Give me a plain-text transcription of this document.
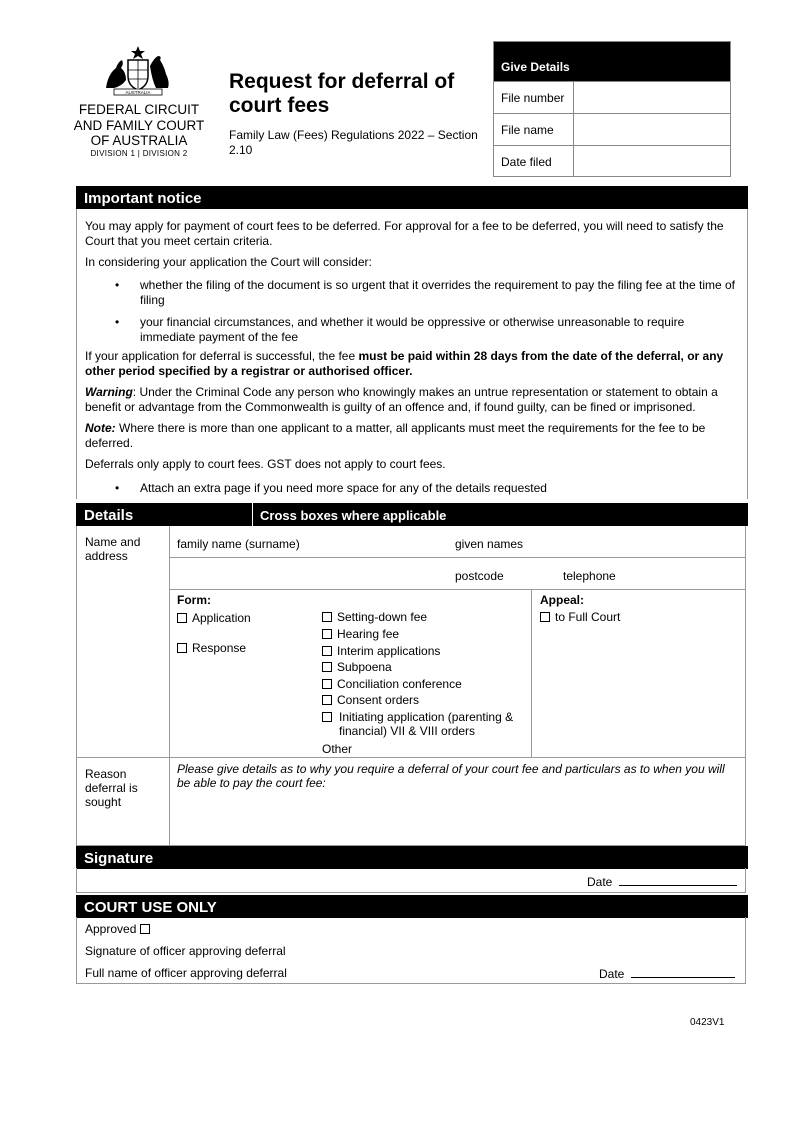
AUSTRALIA
FEDERAL CIRCUIT AND FAMILY COURT OF AUSTRALIA
DIVISION 1 | DIVISION 2
Request for deferral of court fees
Family Law (Fees) Regulations 2022 – Section 2.10
Give Details
File number
File name
Date filed
Important notice
You may apply for payment of court fees to be deferred. For approval for a fee to be deferred, you will need to satisfy the Court that you meet certain criteria.
In considering your application the Court will consider:
• whether the filing of the document is so urgent that it overrides the requirement to pay the filing fee at the time of filing
• your financial circumstances, and whether it would be oppressive or otherwise unreasonable to require immediate payment of the fee
If your application for deferral is successful, the fee must be paid within 28 days from the date of the deferral, or any other period specified by a registrar or authorised officer.
Warning: Under the Criminal Code any person who knowingly makes an untrue representation or statement to obtain a benefit or advantage from the Commonwealth is guilty of an offence and, if found guilty, can be fined or imprisoned.
Note: Where there is more than one applicant to a matter, all applicants must meet the requirements for the fee to be deferred.
Deferrals only apply to court fees. GST does not apply to court fees.
• Attach an extra page if you need more space for any of the details requested
Details	Cross boxes where applicable
Name and address
family name (surname)	given names
postcode	telephone
Form:
Application
Response
Setting-down fee
Hearing fee
Interim applications
Subpoena
Conciliation conference
Consent orders
Initiating application (parenting & financial) VII & VIII orders
Other
Appeal:
to Full Court
Reason deferral is sought
Please give details as to why you require a deferral of your court fee and particulars as to when you will be able to pay the court fee:
Signature
Date
COURT USE ONLY
Approved
Signature of officer approving deferral
Full name of officer approving deferral	Date
0423V1
